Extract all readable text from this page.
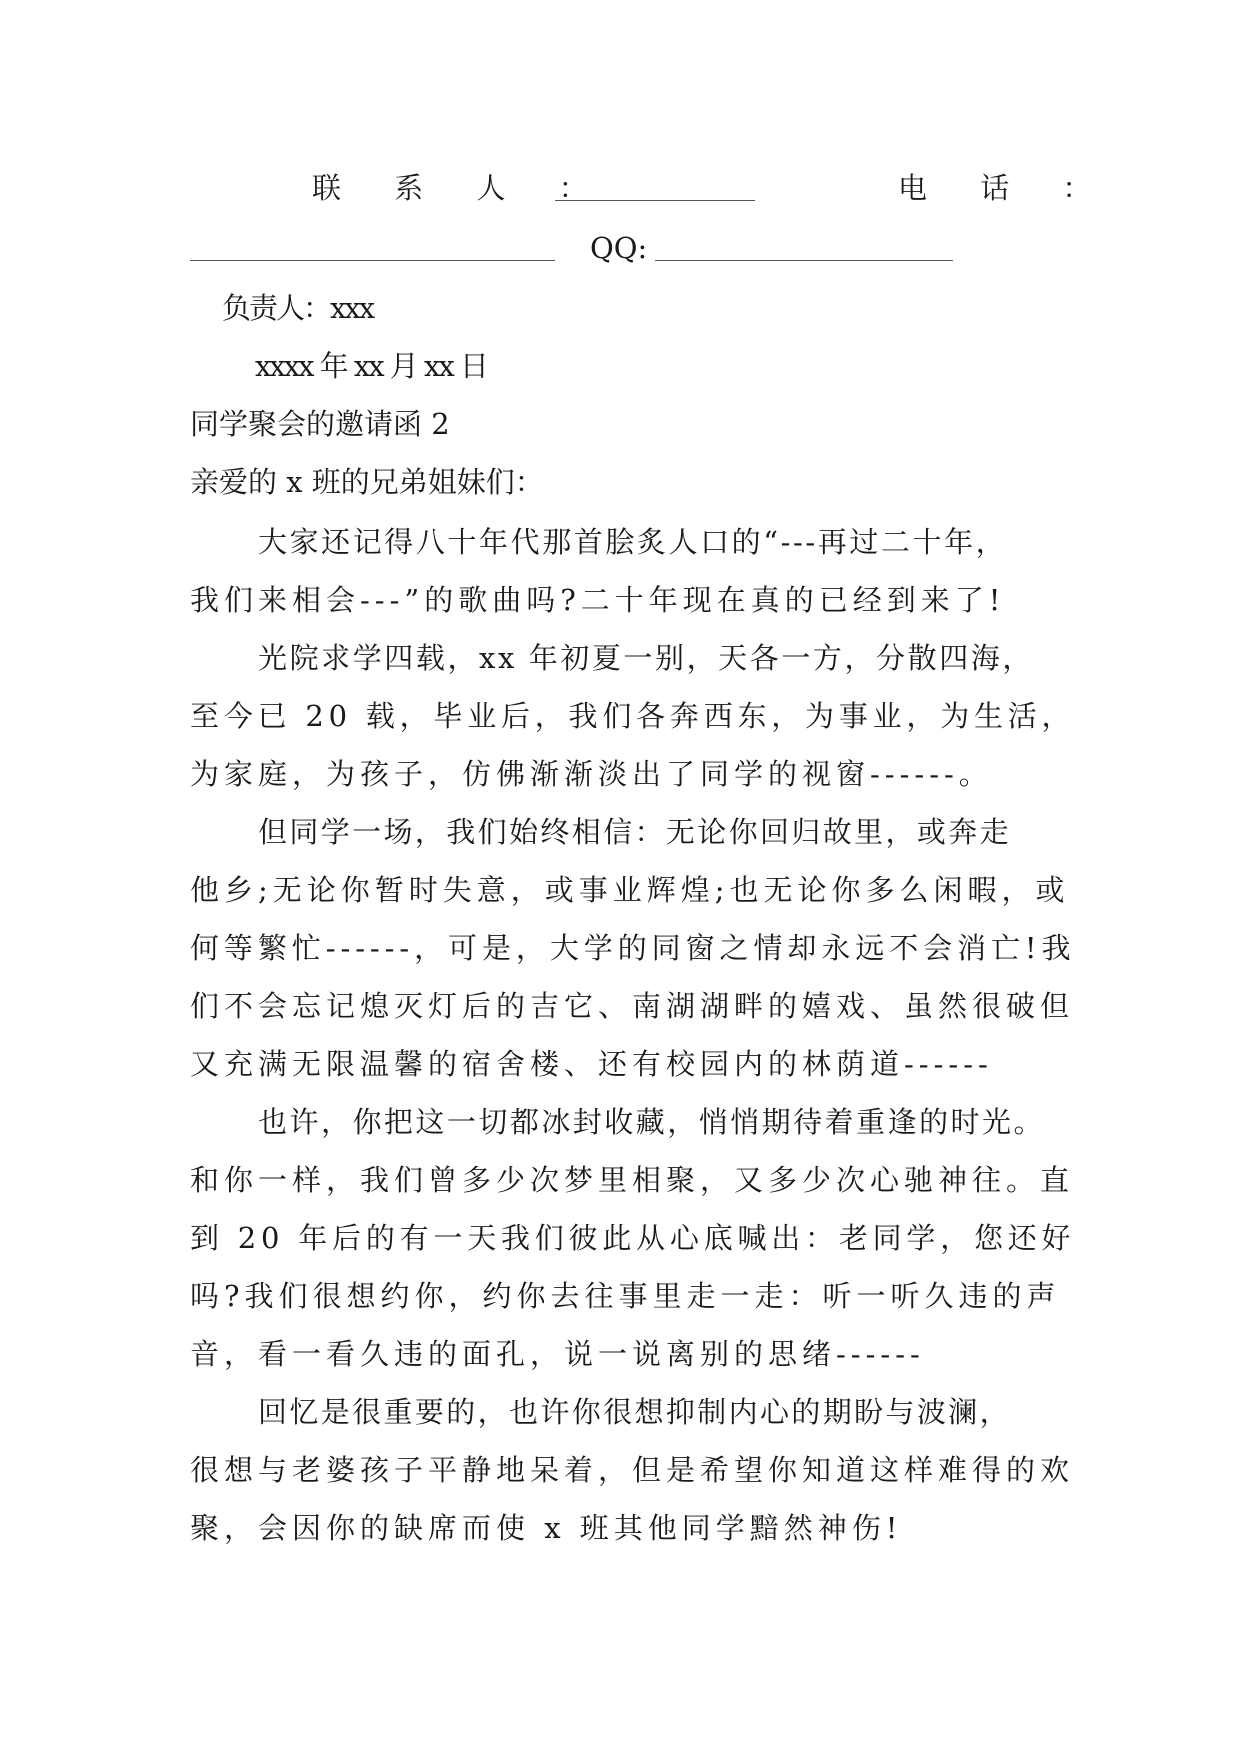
联 系 人 ：	电 话 ：
QQ:
负责人：xxx
xxxx 年 xx 月 xx 日
同学聚会的邀请函 2
亲爱的 x 班的兄弟姐妹们：
大家还记得八十年代那首脍炙人口的“---再过二十年，
我们来相会---”的歌曲吗?二十年现在真的已经到来了!
光院求学四载，xx 年初夏一别，天各一方，分散四海，
至今已 20 载，毕业后，我们各奔西东，为事业，为生活，
为家庭，为孩子，仿佛渐渐淡出了同学的视窗------。
但同学一场，我们始终相信：无论你回归故里，或奔走
他乡;无论你暂时失意，或事业辉煌;也无论你多么闲暇，或
何等繁忙------，可是，大学的同窗之情却永远不会消亡!我
们不会忘记熄灭灯后的吉它、南湖湖畔的嬉戏、虽然很破但
又充满无限温馨的宿舍楼、还有校园内的林荫道------
也许，你把这一切都冰封收藏，悄悄期待着重逢的时光。
和你一样，我们曾多少次梦里相聚，又多少次心驰神往。直
到 20 年后的有一天我们彼此从心底喊出：老同学，您还好
吗?我们很想约你，约你去往事里走一走：听一听久违的声
音，看一看久违的面孔，说一说离别的思绪------
回忆是很重要的，也许你很想抑制内心的期盼与波澜，
很想与老婆孩子平静地呆着，但是希望你知道这样难得的欢
聚，会因你的缺席而使 x 班其他同学黯然神伤!
